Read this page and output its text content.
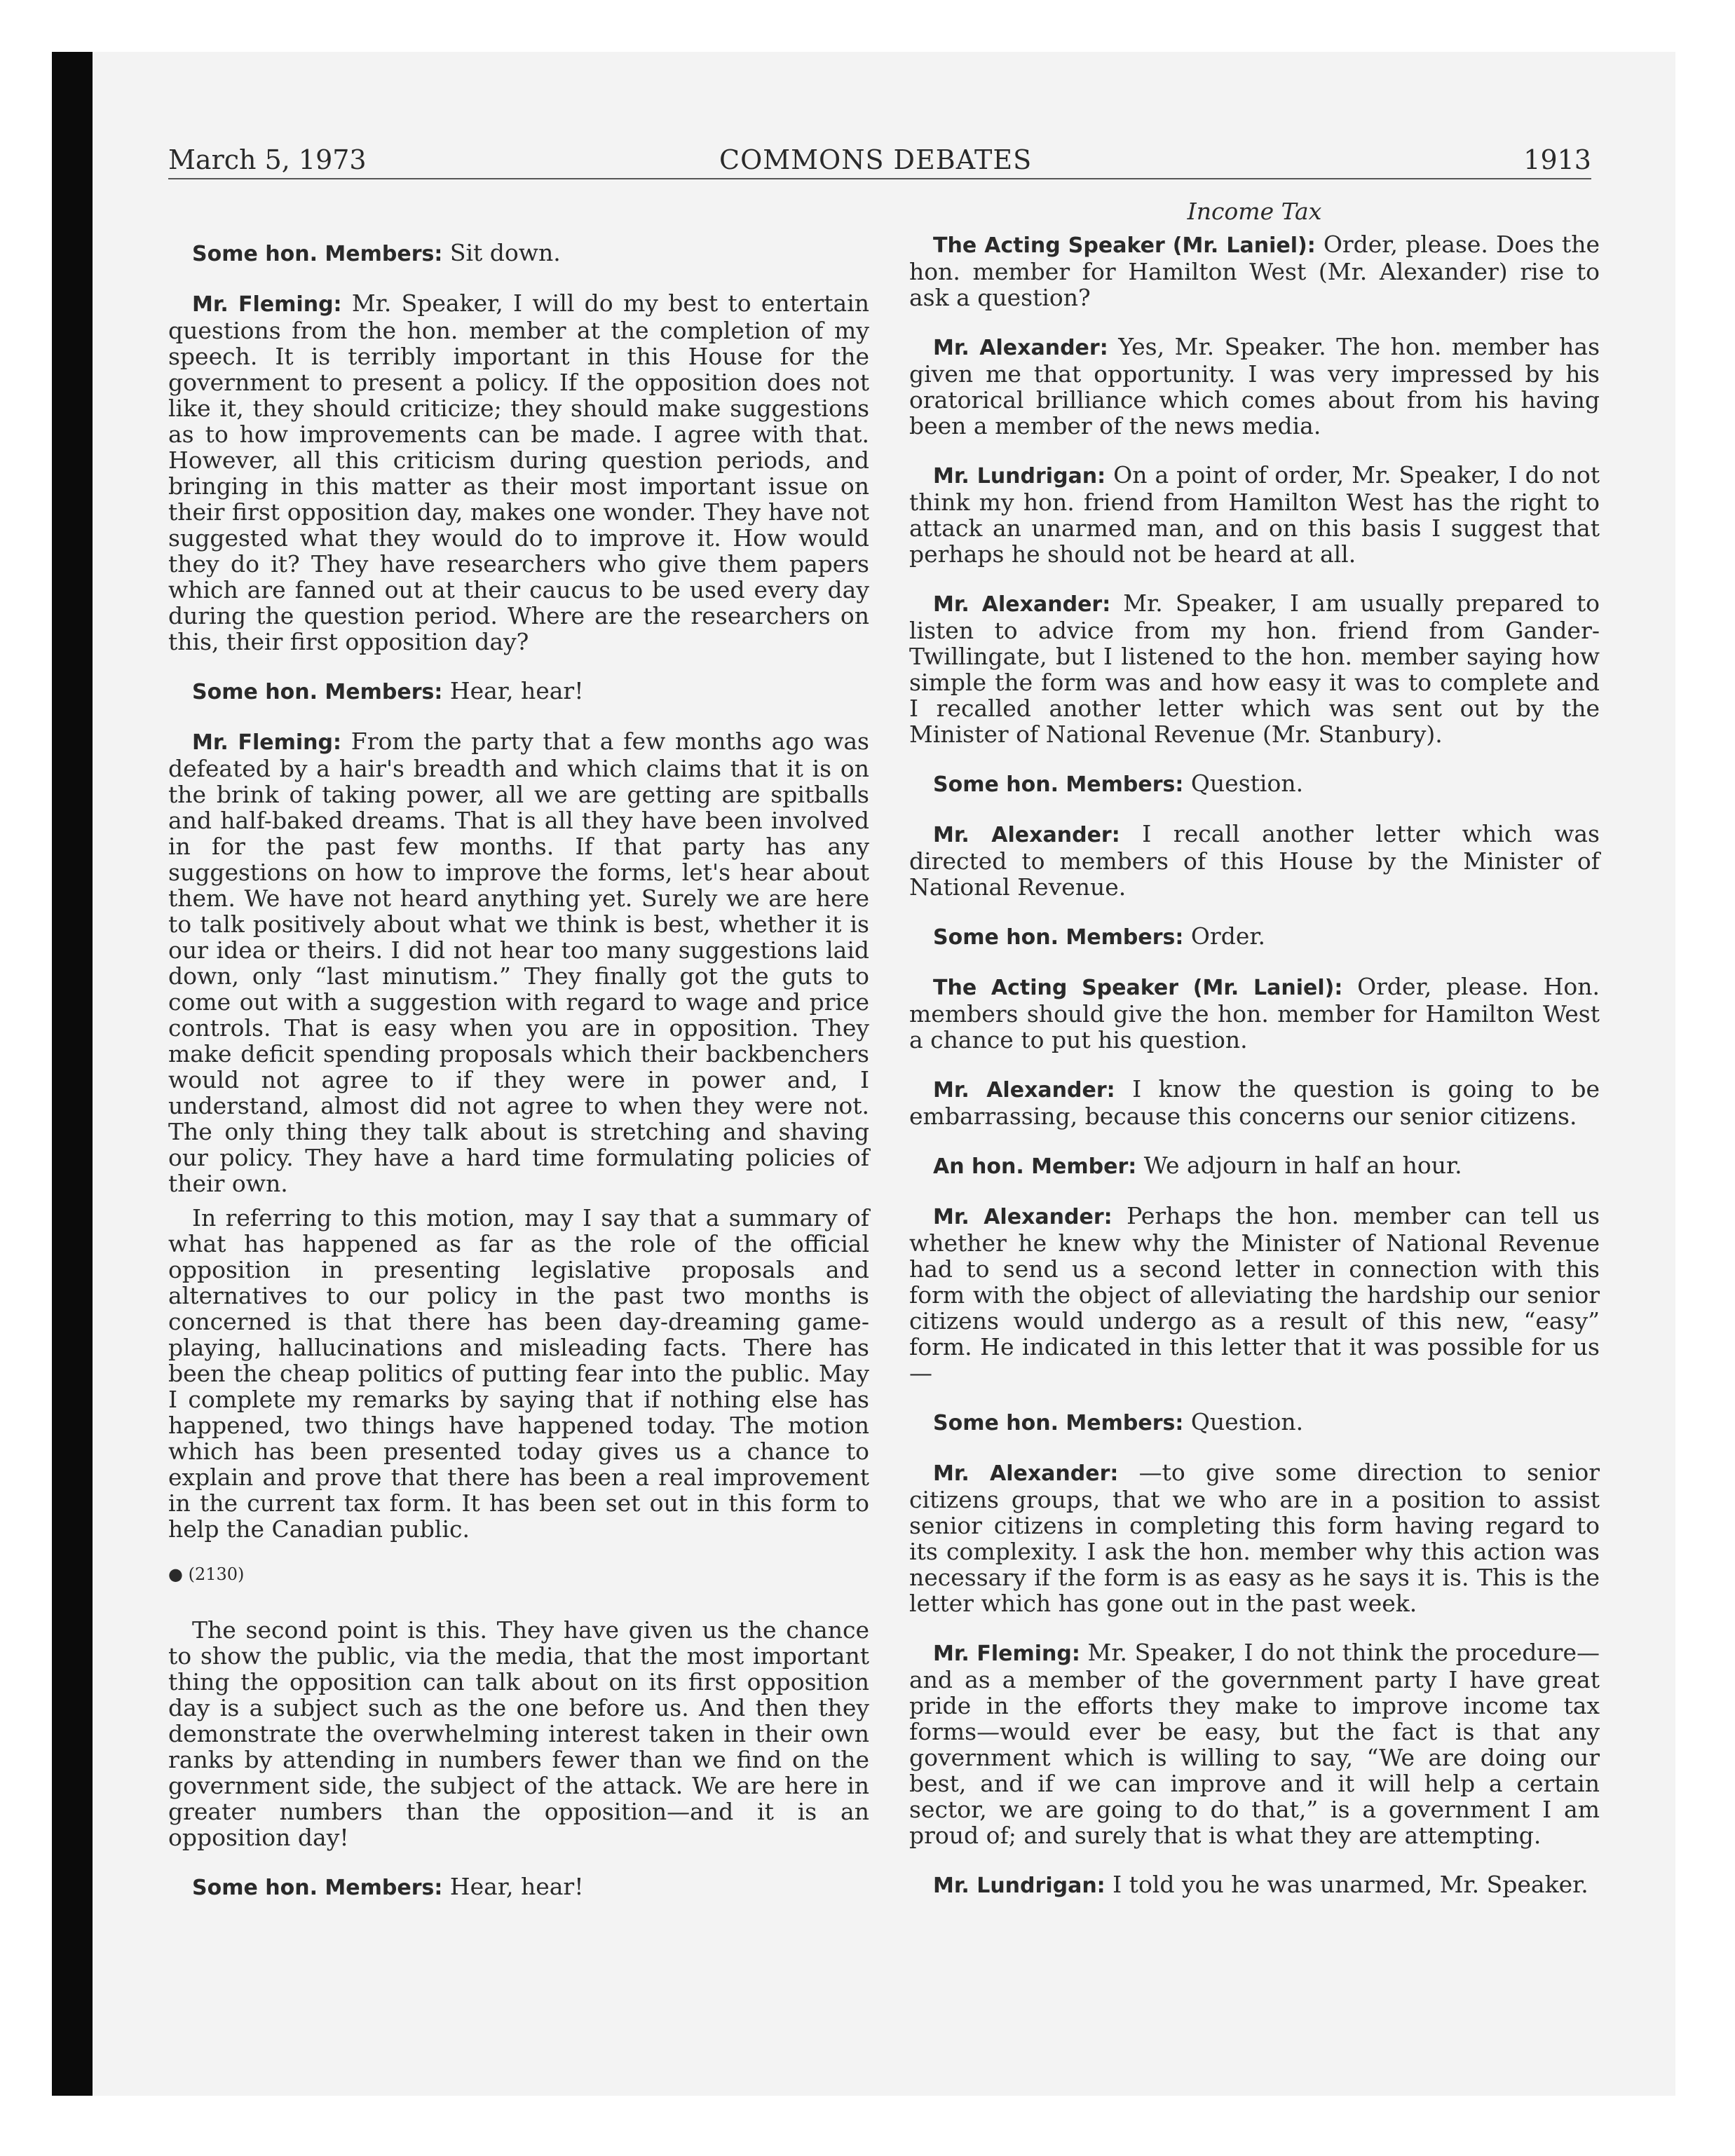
March 5, 1973	COMMONS DEBATES	1913

Some hon. Members: Sit down.

Mr. Fleming: Mr. Speaker, I will do my best to entertain questions from the hon. member at the completion of my speech. It is terribly important in this House for the government to present a policy. If the opposition does not like it, they should criticize; they should make suggestions as to how improvements can be made. I agree with that. However, all this criticism during question periods, and bringing in this matter as their most important issue on their first opposition day, makes one wonder. They have not suggested what they would do to improve it. How would they do it? They have researchers who give them papers which are fanned out at their caucus to be used every day during the question period. Where are the researchers on this, their first opposition day?

Some hon. Members: Hear, hear!

Mr. Fleming: From the party that a few months ago was defeated by a hair's breadth and which claims that it is on the brink of taking power, all we are getting are spitballs and half-baked dreams. That is all they have been involved in for the past few months. If that party has any suggestions on how to improve the forms, let's hear about them. We have not heard anything yet. Surely we are here to talk positively about what we think is best, whether it is our idea or theirs. I did not hear too many suggestions laid down, only “last minutism.” They finally got the guts to come out with a suggestion with regard to wage and price controls. That is easy when you are in opposition. They make deficit spending proposals which their backbenchers would not agree to if they were in power and, I understand, almost did not agree to when they were not. The only thing they talk about is stretching and shaving our policy. They have a hard time formulating policies of their own.

In referring to this motion, may I say that a summary of what has happened as far as the role of the official opposition in presenting legislative proposals and alternatives to our policy in the past two months is concerned is that there has been day-dreaming game-playing, hallucinations and misleading facts. There has been the cheap politics of putting fear into the public. May I complete my remarks by saying that if nothing else has happened, two things have happened today. The motion which has been presented today gives us a chance to explain and prove that there has been a real improvement in the current tax form. It has been set out in this form to help the Canadian public.

● (2130)

The second point is this. They have given us the chance to show the public, via the media, that the most important thing the opposition can talk about on its first opposition day is a subject such as the one before us. And then they demonstrate the overwhelming interest taken in their own ranks by attending in numbers fewer than we find on the government side, the subject of the attack. We are here in greater numbers than the opposition—and it is an opposition day!

Some hon. Members: Hear, hear!

Income Tax

The Acting Speaker (Mr. Laniel): Order, please. Does the hon. member for Hamilton West (Mr. Alexander) rise to ask a question?

Mr. Alexander: Yes, Mr. Speaker. The hon. member has given me that opportunity. I was very impressed by his oratorical brilliance which comes about from his having been a member of the news media.

Mr. Lundrigan: On a point of order, Mr. Speaker, I do not think my hon. friend from Hamilton West has the right to attack an unarmed man, and on this basis I suggest that perhaps he should not be heard at all.

Mr. Alexander: Mr. Speaker, I am usually prepared to listen to advice from my hon. friend from Gander-Twillingate, but I listened to the hon. member saying how simple the form was and how easy it was to complete and I recalled another letter which was sent out by the Minister of National Revenue (Mr. Stanbury).

Some hon. Members: Question.

Mr. Alexander: I recall another letter which was directed to members of this House by the Minister of National Revenue.

Some hon. Members: Order.

The Acting Speaker (Mr. Laniel): Order, please. Hon. members should give the hon. member for Hamilton West a chance to put his question.

Mr. Alexander: I know the question is going to be embarrassing, because this concerns our senior citizens.

An hon. Member: We adjourn in half an hour.

Mr. Alexander: Perhaps the hon. member can tell us whether he knew why the Minister of National Revenue had to send us a second letter in connection with this form with the object of alleviating the hardship our senior citizens would undergo as a result of this new, “easy” form. He indicated in this letter that it was possible for us—

Some hon. Members: Question.

Mr. Alexander: —to give some direction to senior citizens groups, that we who are in a position to assist senior citizens in completing this form having regard to its complexity. I ask the hon. member why this action was necessary if the form is as easy as he says it is. This is the letter which has gone out in the past week.

Mr. Fleming: Mr. Speaker, I do not think the procedure—and as a member of the government party I have great pride in the efforts they make to improve income tax forms—would ever be easy, but the fact is that any government which is willing to say, “We are doing our best, and if we can improve and it will help a certain sector, we are going to do that,” is a government I am proud of; and surely that is what they are attempting.

Mr. Lundrigan: I told you he was unarmed, Mr. Speaker.
